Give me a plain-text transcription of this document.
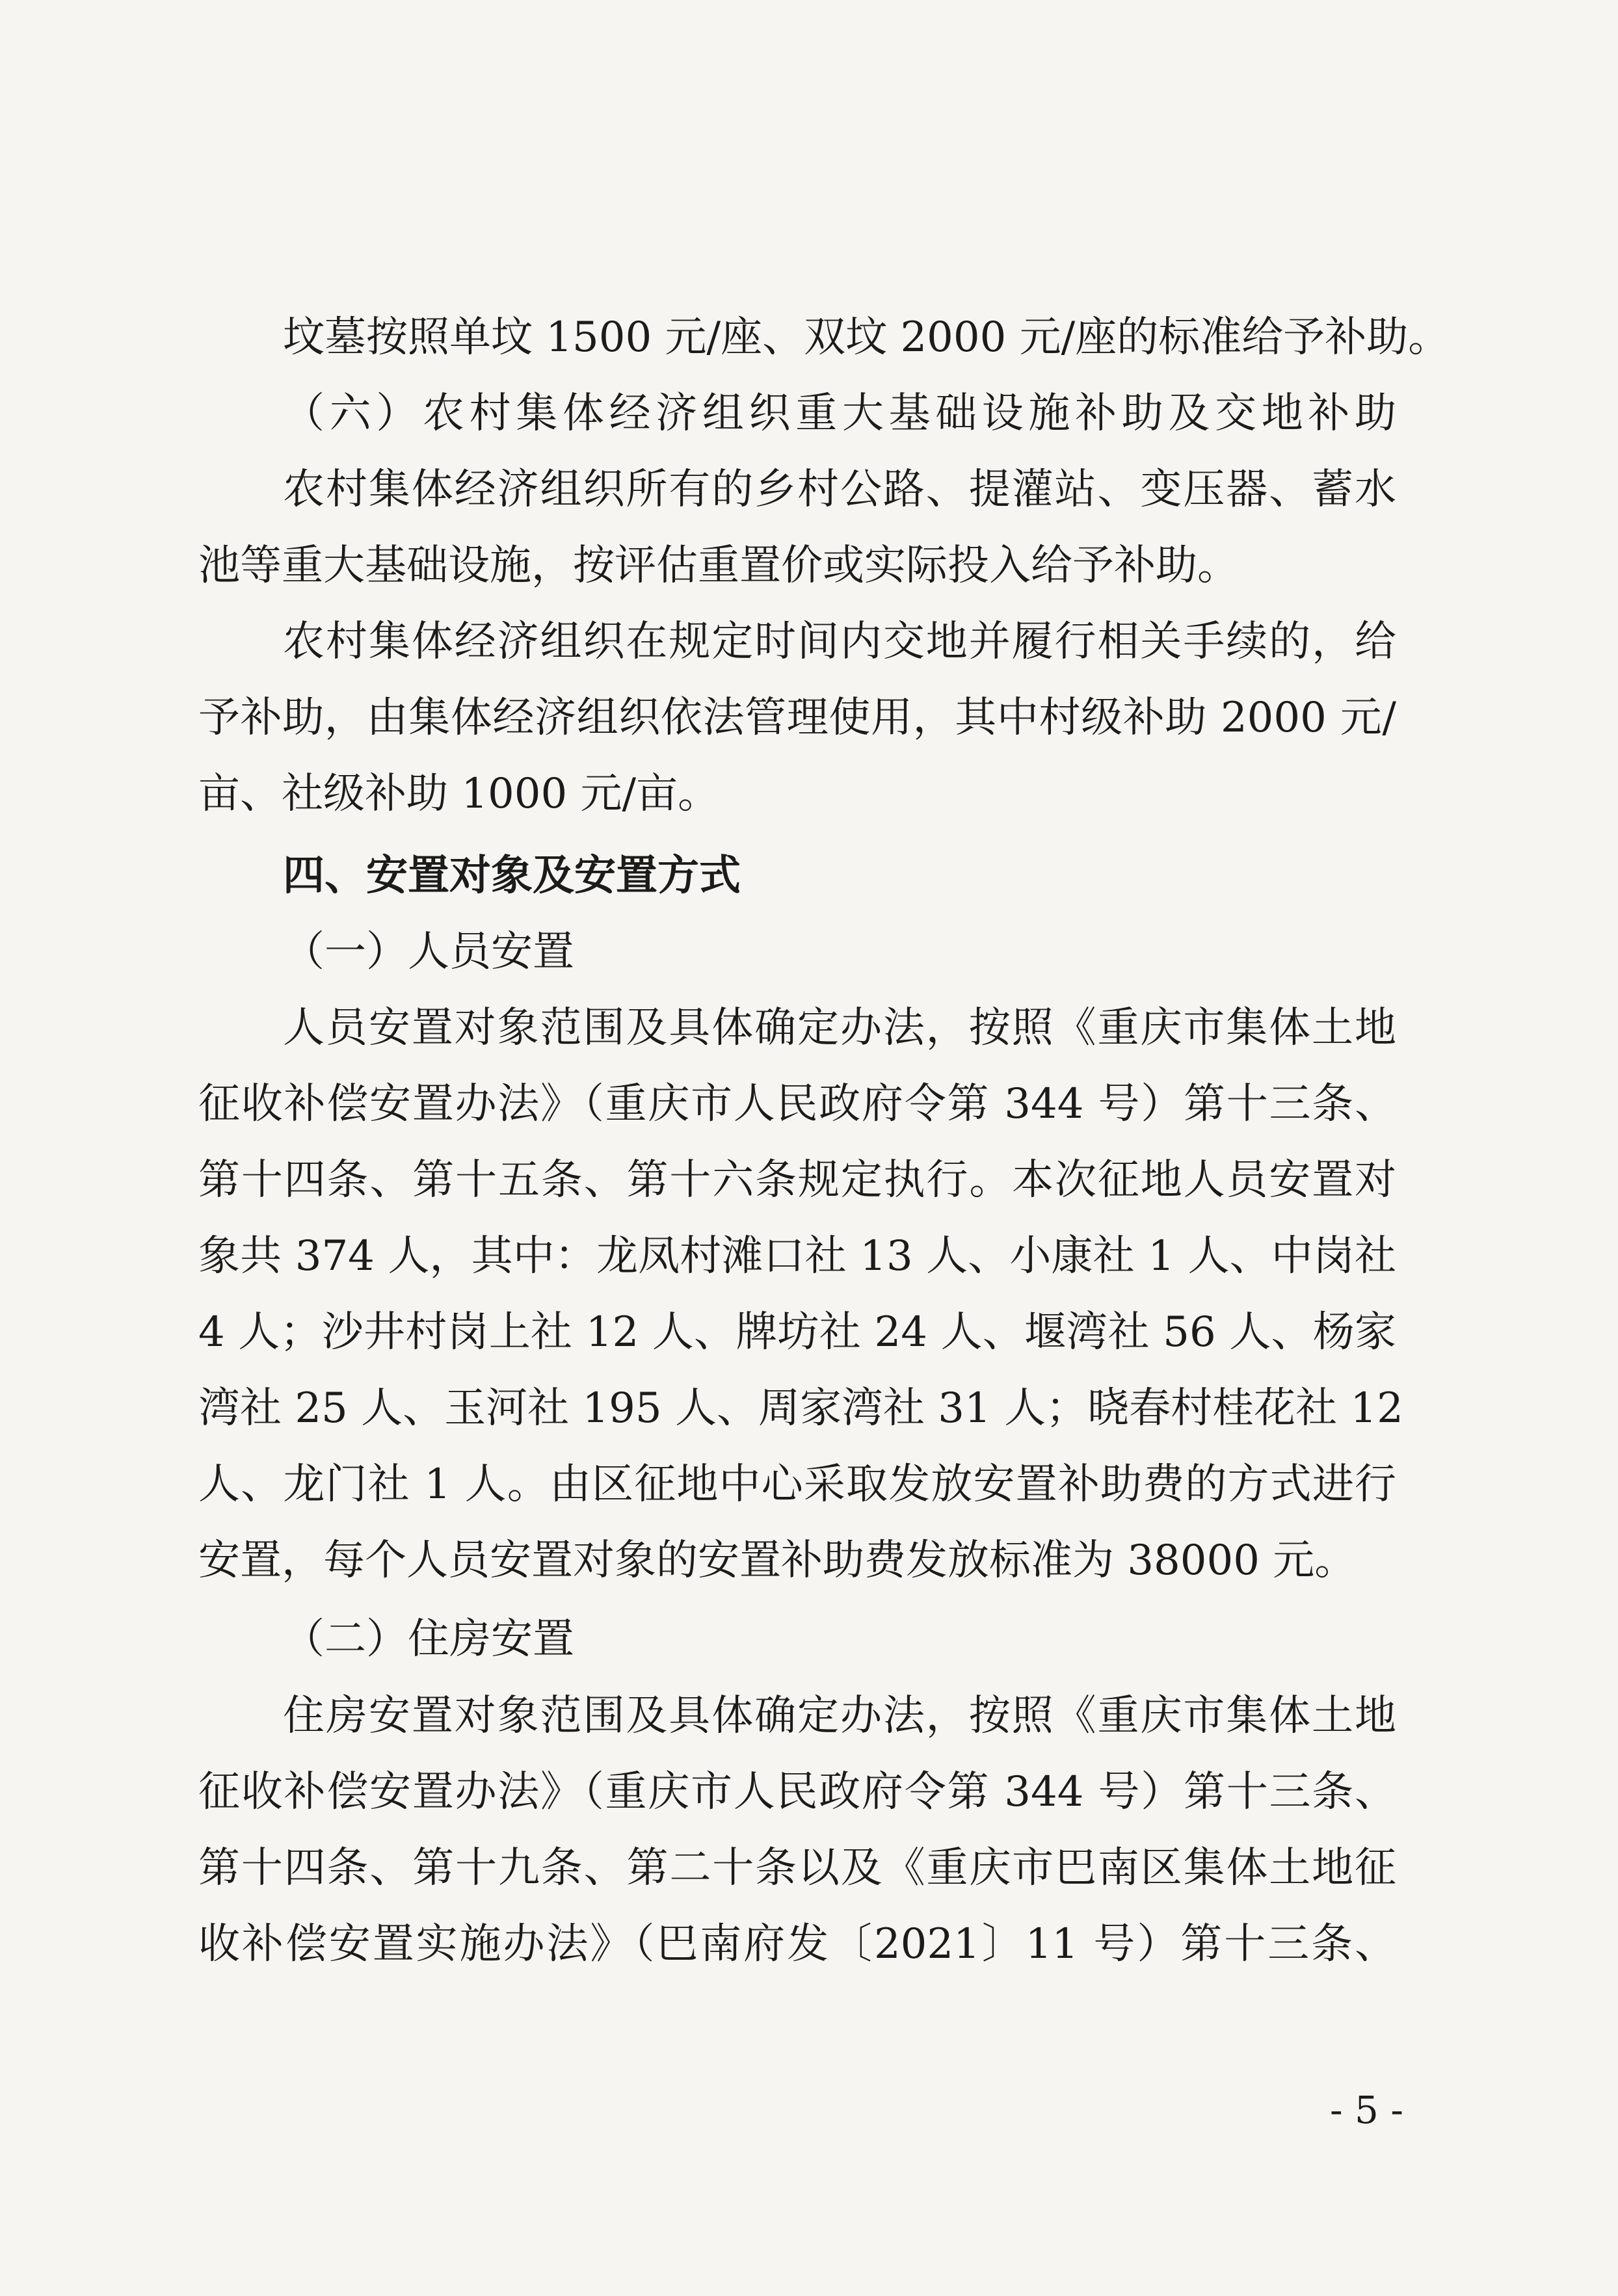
坟墓按照单坟 1500 元/座、双坟 2000 元/座的标准给予补助。
（六）农村集体经济组织重大基础设施补助及交地补助
农村集体经济组织所有的乡村公路、提灌站、变压器、蓄水
池等重大基础设施，按评估重置价或实际投入给予补助。
农村集体经济组织在规定时间内交地并履行相关手续的，给
予补助，由集体经济组织依法管理使用，其中村级补助 2000 元/
亩、社级补助 1000 元/亩。
四、安置对象及安置方式
（一）人员安置
人员安置对象范围及具体确定办法，按照《重庆市集体土地
征收补偿安置办法》（重庆市人民政府令第 344 号）第十三条、
第十四条、第十五条、第十六条规定执行。本次征地人员安置对
象共 374 人，其中：龙凤村滩口社 13 人、小康社 1 人、中岗社
4 人；沙井村岗上社 12 人、牌坊社 24 人、堰湾社 56 人、杨家
湾社 25 人、玉河社 195 人、周家湾社 31 人；晓春村桂花社 12
人、龙门社 1 人。由区征地中心采取发放安置补助费的方式进行
安置，每个人员安置对象的安置补助费发放标准为 38000 元。
（二）住房安置
住房安置对象范围及具体确定办法，按照《重庆市集体土地
征收补偿安置办法》（重庆市人民政府令第 344 号）第十三条、
第十四条、第十九条、第二十条以及《重庆市巴南区集体土地征
收补偿安置实施办法》（巴南府发〔2021〕11 号）第十三条、
- 5 -
